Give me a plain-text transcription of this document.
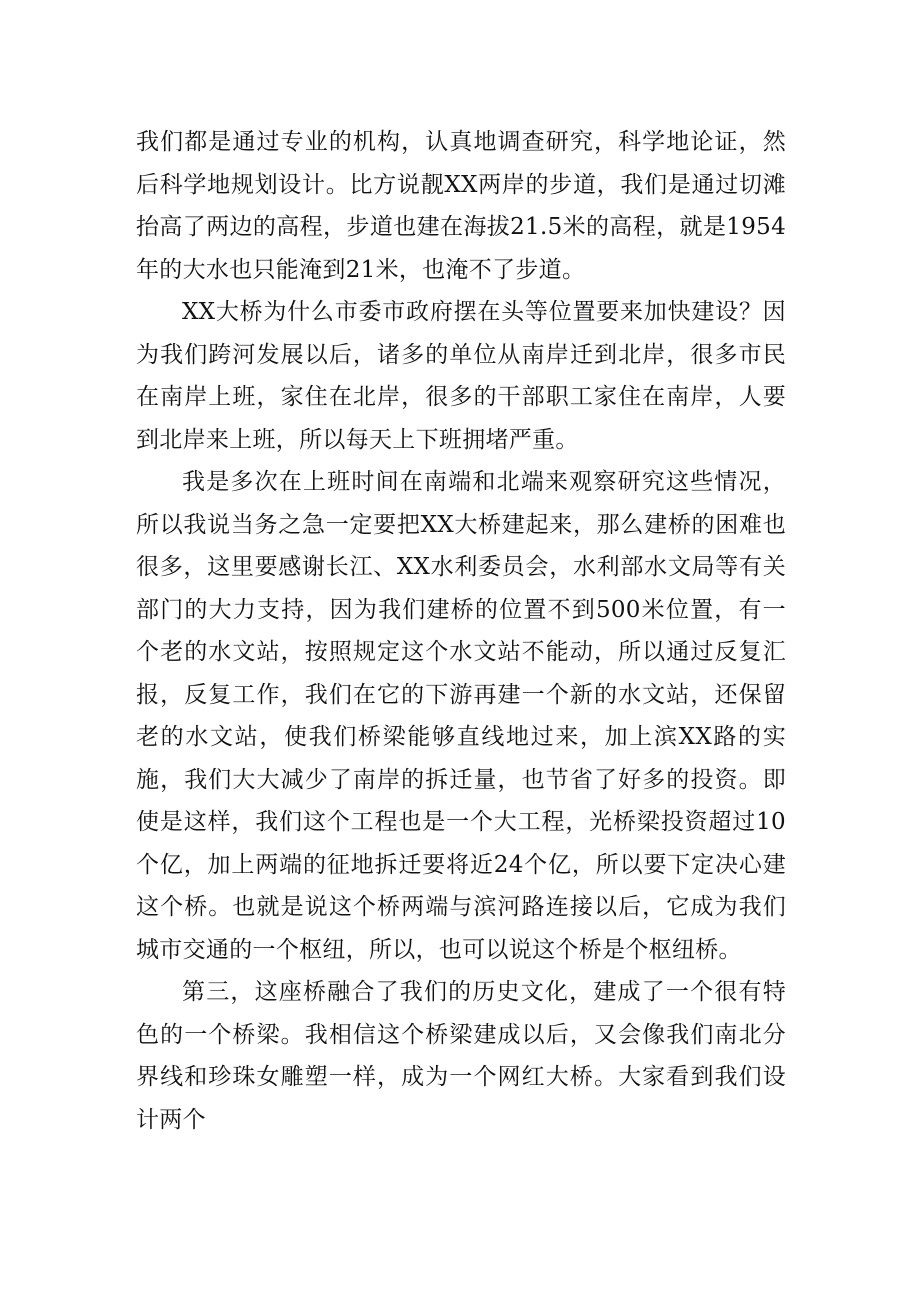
我们都是通过专业的机构，认真地调查研究，科学地论证，然后科学地规划设计。比方说靓XX两岸的步道，我们是通过切滩抬高了两边的高程，步道也建在海拔21.5米的高程，就是1954年的大水也只能淹到21米，也淹不了步道。

XX大桥为什么市委市政府摆在头等位置要来加快建设？因为我们跨河发展以后，诸多的单位从南岸迁到北岸，很多市民在南岸上班，家住在北岸，很多的干部职工家住在南岸，人要到北岸来上班，所以每天上下班拥堵严重。

我是多次在上班时间在南端和北端来观察研究这些情况，所以我说当务之急一定要把XX大桥建起来，那么建桥的困难也很多，这里要感谢长江、XX水利委员会，水利部水文局等有关部门的大力支持，因为我们建桥的位置不到500米位置，有一个老的水文站，按照规定这个水文站不能动，所以通过反复汇报，反复工作，我们在它的下游再建一个新的水文站，还保留老的水文站，使我们桥梁能够直线地过来，加上滨XX路的实施，我们大大减少了南岸的拆迁量，也节省了好多的投资。即使是这样，我们这个工程也是一个大工程，光桥梁投资超过10个亿，加上两端的征地拆迁要将近24个亿，所以要下定决心建这个桥。也就是说这个桥两端与滨河路连接以后，它成为我们城市交通的一个枢纽，所以，也可以说这个桥是个枢纽桥。

第三，这座桥融合了我们的历史文化，建成了一个很有特色的一个桥梁。我相信这个桥梁建成以后，又会像我们南北分界线和珍珠女雕塑一样，成为一个网红大桥。大家看到我们设计两个
